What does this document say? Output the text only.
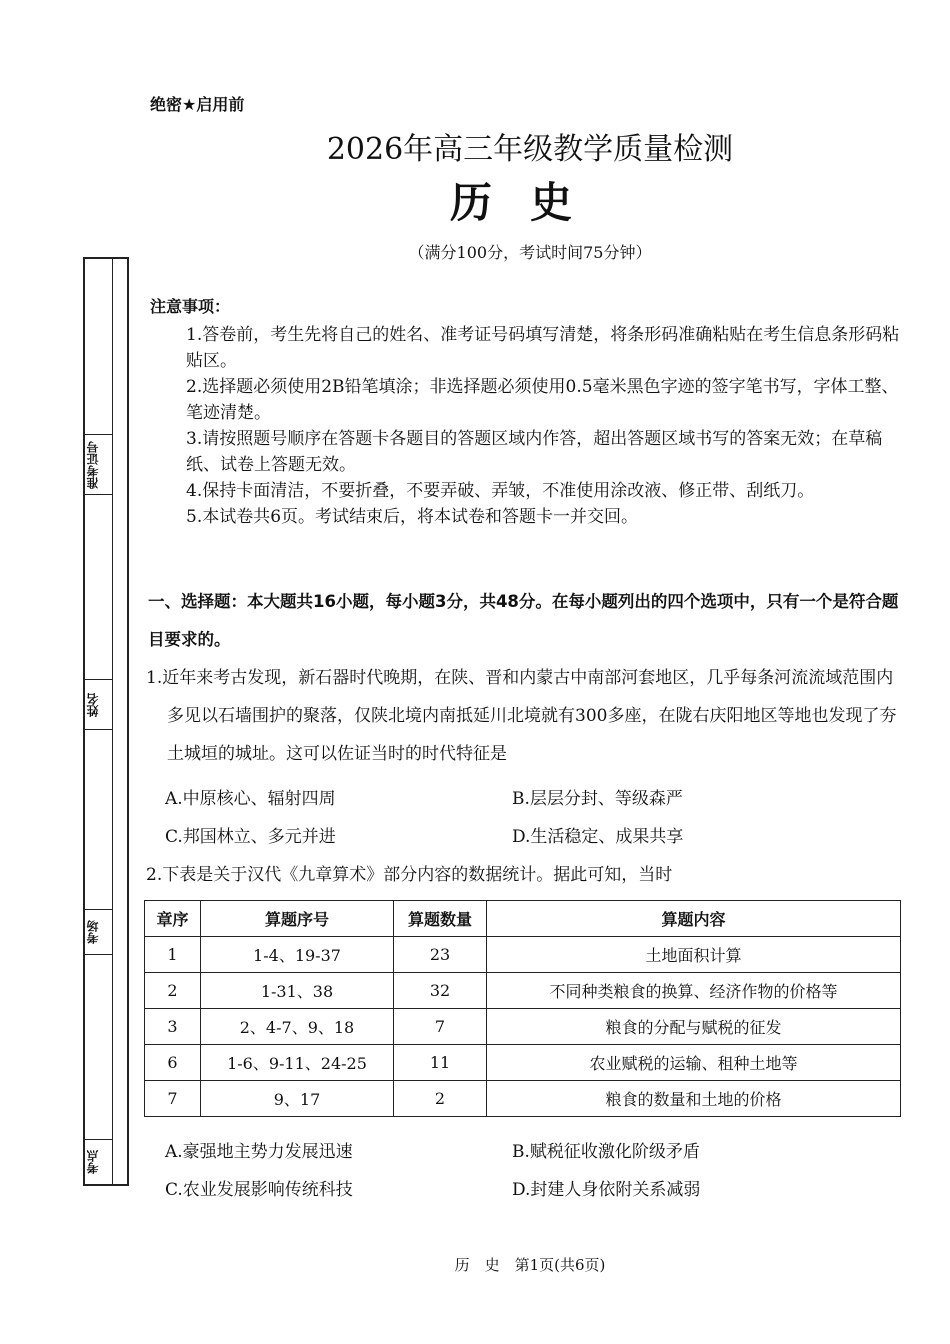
绝密★启用前
2026年高三年级教学质量检测
历史
（满分100分，考试时间75分钟）
准考证号
姓名
考场
考点
注意事项：
1.答卷前，考生先将自己的姓名、准考证号码填写清楚，将条形码准确粘贴在考生信息条形码粘贴区。
2.选择题必须使用2B铅笔填涂；非选择题必须使用0.5毫米黑色字迹的签字笔书写，字体工整、笔迹清楚。
3.请按照题号顺序在答题卡各题目的答题区域内作答，超出答题区域书写的答案无效；在草稿纸、试卷上答题无效。
4.保持卡面清洁，不要折叠，不要弄破、弄皱，不准使用涂改液、修正带、刮纸刀。
5.本试卷共6页。考试结束后，将本试卷和答题卡一并交回。
一、选择题：本大题共16小题，每小题3分，共48分。在每小题列出的四个选项中，只有一个是符合题目要求的。
1.近年来考古发现，新石器时代晚期，在陕、晋和内蒙古中南部河套地区，几乎每条河流流域范围内多见以石墙围护的聚落，仅陕北境内南抵延川北境就有300多座，在陇右庆阳地区等地也发现了夯土城垣的城址。这可以佐证当时的时代特征是
A.中原核心、辐射四周	B.层层分封、等级森严
C.邦国林立、多元并进	D.生活稳定、成果共享
2.下表是关于汉代《九章算术》部分内容的数据统计。据此可知，当时
章序	算题序号	算题数量	算题内容
1	1-4、19-37	23	土地面积计算
2	1-31、38	32	不同种类粮食的换算、经济作物的价格等
3	2、4-7、9、18	7	粮食的分配与赋税的征发
6	1-6、9-11、24-25	11	农业赋税的运输、租种土地等
7	9、17	2	粮食的数量和土地的价格
A.豪强地主势力发展迅速	B.赋税征收激化阶级矛盾
C.农业发展影响传统科技	D.封建人身依附关系减弱
历　史　第1页(共6页)
